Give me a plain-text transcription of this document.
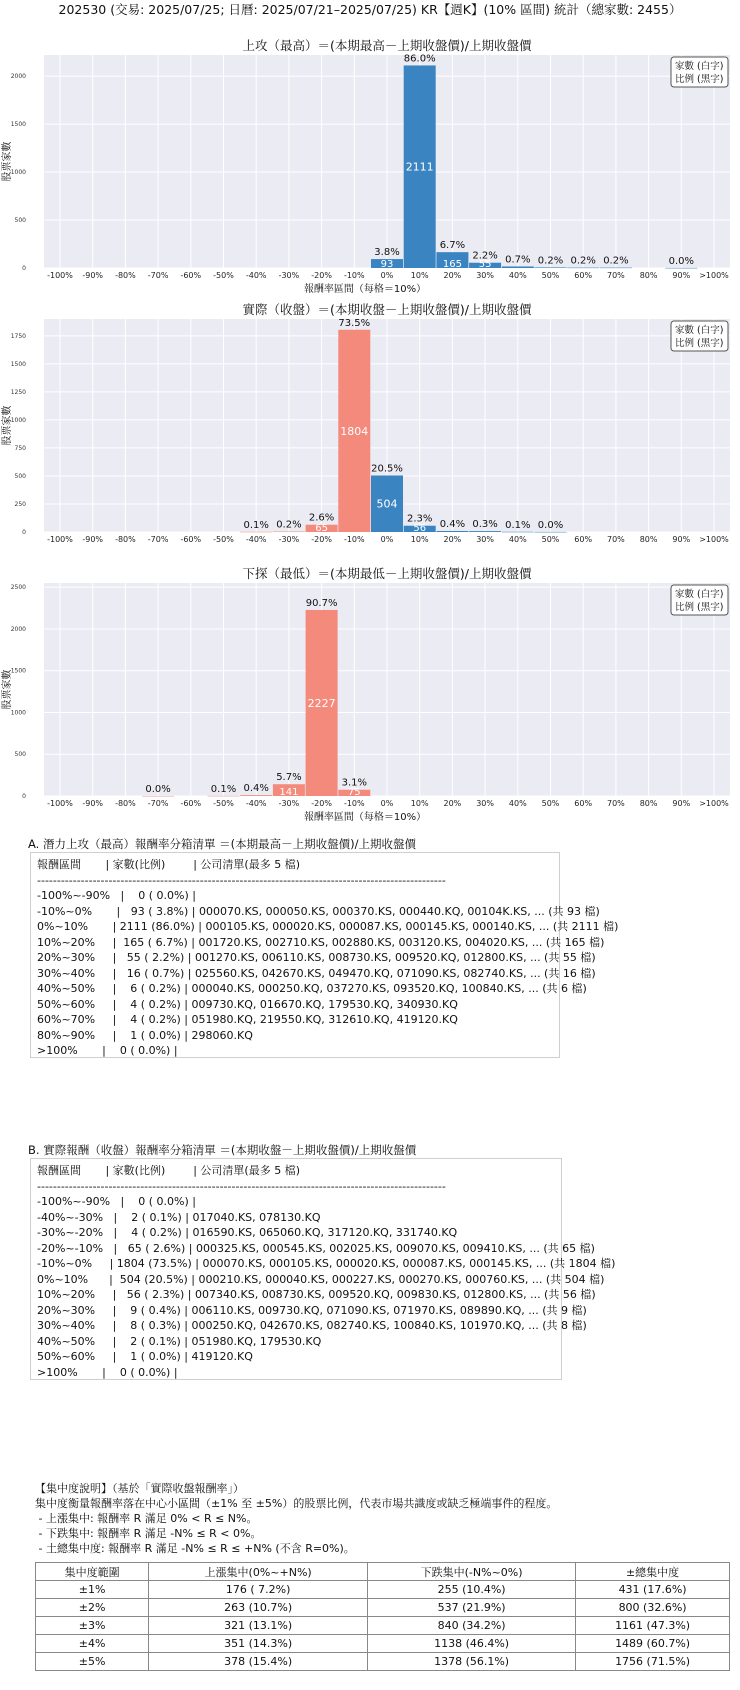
202530 (交易: 2025/07/25; 日曆: 2025/07/21–2025/07/25) KR【週K】(10% 區間) 統計（總家數: 2455）
上攻（最高）＝(本期最高－上期收盤價)/上期收盤價
0
500
1000
1500
2000
股票家數
3.8%
93
86.0%
2111
6.7%
165
2.2%
55 0.7% 0.2% 0.2% 0.2%	0.0%
-100% -90% -80% -70% -60% -50% -40% -30% -20% -10% 0% 10% 20% 30% 40% 50% 60% 70% 80% 90% >100%
報酬率區間（每格＝10%）
家數 (白字)
比例 (黑字)
實際（收盤）＝(本期收盤－上期收盤價)/上期收盤價
0
250
500
750
1000
1250
1500
1750
股票家數
0.1% 0.2%
2.6%
65
73.5%
1804
20.5%
504
2.3%
56 0.4% 0.3% 0.1% 0.0%
-100% -90% -80% -70% -60% -50% -40% -30% -20% -10% 0% 10% 20% 30% 40% 50% 60% 70% 80% 90% >100%
家數 (白字)
比例 (黑字)
下探（最低）＝(本期最低－上期收盤價)/上期收盤價
0
500
1000
1500
2000
2500
股票家數
0.0%	0.1% 0.4%
5.7%
141
90.7%
2227
3.1%
75
-100% -90% -80% -70% -60% -50% -40% -30% -20% -10% 0% 10% 20% 30% 40% 50% 60% 70% 80% 90% >100%
報酬率區間（每格＝10%）
家數 (白字)
比例 (黑字)
A. 潛力上攻（最高）報酬率分箱清單 ＝(本期最高－上期收盤價)/上期收盤價
報酬區間       | 家數(比例)        | 公司清單(最多 5 檔)
-------------------------------------------------------------------------------------------------------
-100%~-90%   |    0 ( 0.0%) |
-10%~0%       |   93 ( 3.8%) | 000070.KS, 000050.KS, 000370.KS, 000440.KQ, 00104K.KS, ... (共 93 檔)
0%~10%       | 2111 (86.0%) | 000105.KS, 000020.KS, 000087.KS, 000145.KS, 000140.KS, ... (共 2111 檔)
10%~20%     |  165 ( 6.7%) | 001720.KS, 002710.KS, 002880.KS, 003120.KS, 004020.KS, ... (共 165 檔)
20%~30%     |   55 ( 2.2%) | 001270.KS, 006110.KS, 008730.KS, 009520.KQ, 012800.KS, ... (共 55 檔)
30%~40%     |   16 ( 0.7%) | 025560.KS, 042670.KS, 049470.KQ, 071090.KS, 082740.KS, ... (共 16 檔)
40%~50%     |    6 ( 0.2%) | 000040.KS, 000250.KQ, 037270.KS, 093520.KQ, 100840.KS, ... (共 6 檔)
50%~60%     |    4 ( 0.2%) | 009730.KQ, 016670.KQ, 179530.KQ, 340930.KQ
60%~70%     |    4 ( 0.2%) | 051980.KQ, 219550.KQ, 312610.KQ, 419120.KQ
80%~90%     |    1 ( 0.0%) | 298060.KQ
>100%       |    0 ( 0.0%) |
B. 實際報酬（收盤）報酬率分箱清單 ＝(本期收盤－上期收盤價)/上期收盤價
報酬區間       | 家數(比例)        | 公司清單(最多 5 檔)
-------------------------------------------------------------------------------------------------------
-100%~-90%   |    0 ( 0.0%) |
-40%~-30%   |    2 ( 0.1%) | 017040.KS, 078130.KQ
-30%~-20%   |    4 ( 0.2%) | 016590.KS, 065060.KQ, 317120.KQ, 331740.KQ
-20%~-10%   |   65 ( 2.6%) | 000325.KS, 000545.KS, 002025.KS, 009070.KS, 009410.KS, ... (共 65 檔)
-10%~0%     | 1804 (73.5%) | 000070.KS, 000105.KS, 000020.KS, 000087.KS, 000145.KS, ... (共 1804 檔)
0%~10%      |  504 (20.5%) | 000210.KS, 000040.KS, 000227.KS, 000270.KS, 000760.KS, ... (共 504 檔)
10%~20%     |   56 ( 2.3%) | 007340.KS, 008730.KS, 009520.KQ, 009830.KS, 012800.KS, ... (共 56 檔)
20%~30%     |    9 ( 0.4%) | 006110.KS, 009730.KQ, 071090.KS, 071970.KS, 089890.KQ, ... (共 9 檔)
30%~40%     |    8 ( 0.3%) | 000250.KQ, 042670.KS, 082740.KS, 100840.KS, 101970.KQ, ... (共 8 檔)
40%~50%     |    2 ( 0.1%) | 051980.KQ, 179530.KQ
50%~60%     |    1 ( 0.0%) | 419120.KQ
>100%       |    0 ( 0.0%) |
【集中度說明】（基於「實際收盤報酬率」）
集中度衡量報酬率落在中心小區間（±1% 至 ±5%）的股票比例，代表市場共識度或缺乏極端事件的程度。
- 上漲集中: 報酬率 R 滿足 0% < R ≤ N%。
- 下跌集中: 報酬率 R 滿足 -N% ≤ R < 0%。
- 土總集中度: 報酬率 R 滿足 -N% ≤ R ≤ +N% (不含 R=0%)。
集中度範圍	上漲集中(0%~+N%)	下跌集中(-N%~0%)	±總集中度
±1%	176 ( 7.2%)	255 (10.4%)	431 (17.6%)
±2%	263 (10.7%)	537 (21.9%)	800 (32.6%)
±3%	321 (13.1%)	840 (34.2%)	1161 (47.3%)
±4%	351 (14.3%)	1138 (46.4%)	1489 (60.7%)
±5%	378 (15.4%)	1378 (56.1%)	1756 (71.5%)
